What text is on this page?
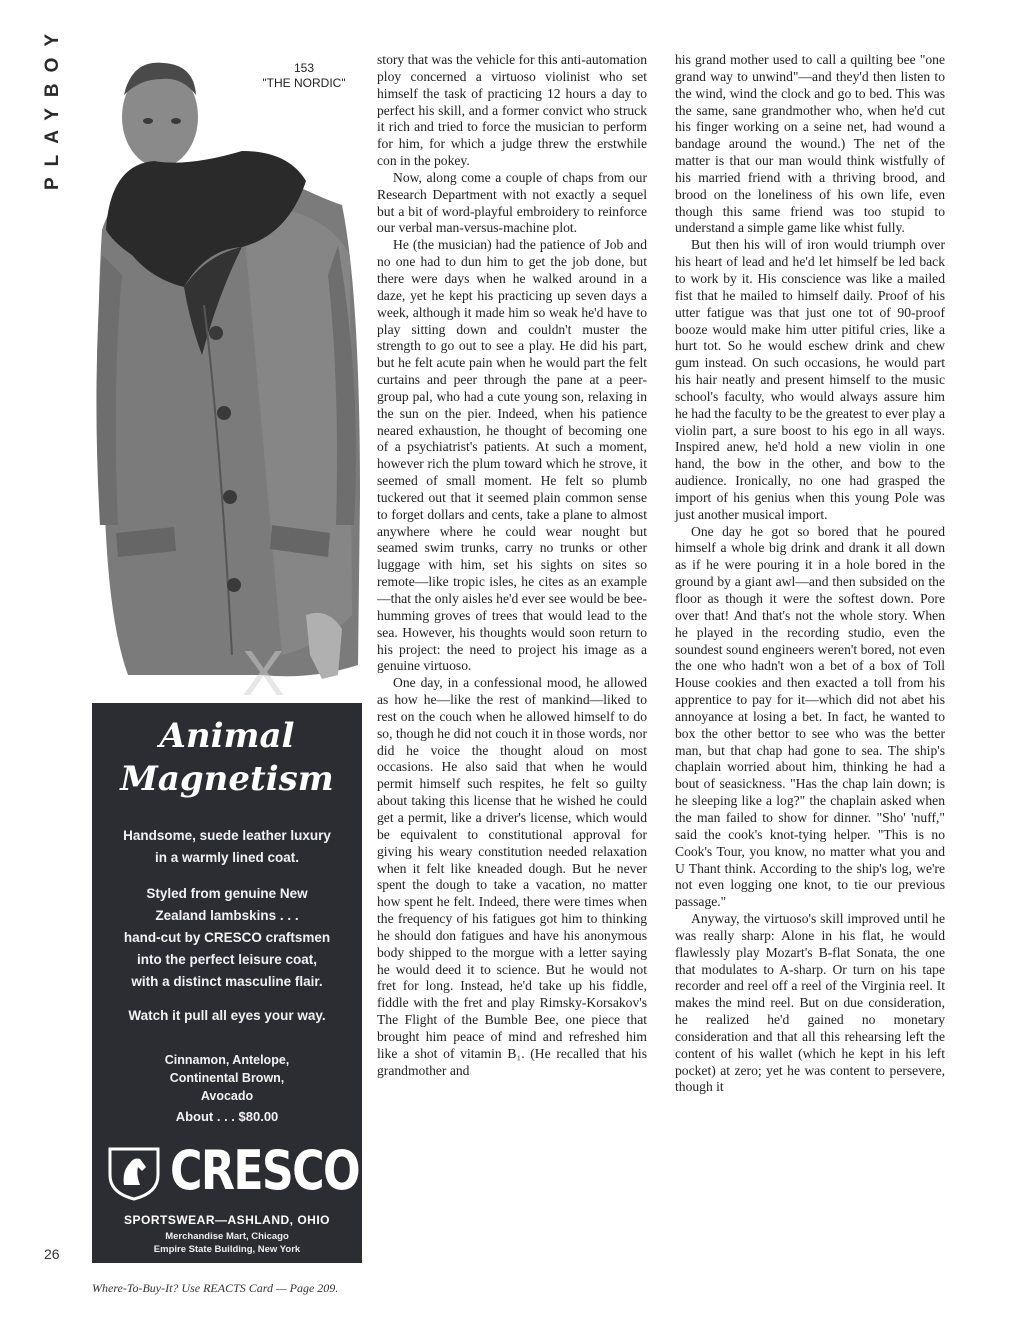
PLAYBOY
26
X
153
"THE NORDIC"
Animal
Magnetism
Handsome, suede leather luxury
in a warmly lined coat.
Styled from genuine New
Zealand lambskins . . .
hand-cut by CRESCO craftsmen
into the perfect leisure coat,
with a distinct masculine flair.
Watch it pull all eyes your way.
Cinnamon, Antelope,
Continental Brown,
Avocado
About . . . $80.00
CRESCO
SPORTSWEAR—ASHLAND, OHIO
Merchandise Mart, Chicago
Empire State Building, New York

story that was the vehicle for this anti-automation ploy concerned a virtuoso violinist who set himself the task of practicing 12 hours a day to perfect his skill, and a former convict who struck it rich and tried to force the musician to perform for him, for which a judge threw the erstwhile con in the pokey.

Now, along come a couple of chaps from our Research Department with not exactly a sequel but a bit of word-playful embroidery to reinforce our verbal man-versus-machine plot.

He (the musician) had the patience of Job and no one had to dun him to get the job done, but there were days when he walked around in a daze, yet he kept his practicing up seven days a week, although it made him so weak he'd have to play sitting down and couldn't muster the strength to go out to see a play. He did his part, but he felt acute pain when he would part the felt curtains and peer through the pane at a peer-group pal, who had a cute young son, relaxing in the sun on the pier. Indeed, when his patience neared exhaustion, he thought of becoming one of a psychiatrist's patients. At such a moment, however rich the plum toward which he strove, it seemed of small moment. He felt so plumb tuckered out that it seemed plain common sense to forget dollars and cents, take a plane to almost anywhere where he could wear nought but seamed swim trunks, carry no trunks or other luggage with him, set his sights on sites so remote—like tropic isles, he cites as an example—that the only aisles he'd ever see would be bee-humming groves of trees that would lead to the sea. However, his thoughts would soon return to his project: the need to project his image as a genuine virtuoso.

One day, in a confessional mood, he allowed as how he—like the rest of mankind—liked to rest on the couch when he allowed himself to do so, though he did not couch it in those words, nor did he voice the thought aloud on most occasions. He also said that when he would permit himself such respites, he felt so guilty about taking this license that he wished he could get a permit, like a driver's license, which would be equivalent to constitutional approval for giving his weary constitution needed relaxation when it felt like kneaded dough. But he never spent the dough to take a vacation, no matter how spent he felt. Indeed, there were times when the frequency of his fatigues got him to thinking he should don fatigues and have his anonymous body shipped to the morgue with a letter saying he would deed it to science. But he would not fret for long. Instead, he'd take up his fiddle, fiddle with the fret and play Rimsky-Korsakov's The Flight of the Bumble Bee, one piece that brought him peace of mind and refreshed him like a shot of vitamin B₁. (He recalled that his grandmother and

his grand mother used to call a quilting bee "one grand way to unwind"—and they'd then listen to the wind, wind the clock and go to bed. This was the same, sane grandmother who, when he'd cut his finger working on a seine net, had wound a bandage around the wound.) The net of the matter is that our man would think wistfully of his married friend with a thriving brood, and brood on the loneliness of his own life, even though this same friend was too stupid to understand a simple game like whist fully.

But then his will of iron would triumph over his heart of lead and he'd let himself be led back to work by it. His conscience was like a mailed fist that he mailed to himself daily. Proof of his utter fatigue was that just one tot of 90-proof booze would make him utter pitiful cries, like a hurt tot. So he would eschew drink and chew gum instead. On such occasions, he would part his hair neatly and present himself to the music school's faculty, who would always assure him he had the faculty to be the greatest to ever play a violin part, a sure boost to his ego in all ways. Inspired anew, he'd hold a new violin in one hand, the bow in the other, and bow to the audience. Ironically, no one had grasped the import of his genius when this young Pole was just another musical import.

One day he got so bored that he poured himself a whole big drink and drank it all down as if he were pouring it in a hole bored in the ground by a giant awl—and then subsided on the floor as though it were the softest down. Pore over that! And that's not the whole story. When he played in the recording studio, even the soundest sound engineers weren't bored, not even the one who hadn't won a bet of a box of Toll House cookies and then exacted a toll from his apprentice to pay for it—which did not abet his annoyance at losing a bet. In fact, he wanted to box the other bettor to see who was the better man, but that chap had gone to sea. The ship's chaplain worried about him, thinking he had a bout of seasickness. "Has the chap lain down; is he sleeping like a log?" the chaplain asked when the man failed to show for dinner. "Sho' 'nuff," said the cook's knot-tying helper. "This is no Cook's Tour, you know, no matter what you and U Thant think. According to the ship's log, we're not even logging one knot, to tie our previous passage."

Anyway, the virtuoso's skill improved until he was really sharp: Alone in his flat, he would flawlessly play Mozart's B-flat Sonata, the one that modulates to A-sharp. Or turn on his tape recorder and reel off a reel of the Virginia reel. It makes the mind reel. But on due consideration, he realized he'd gained no monetary consideration and that all this rehearsing left the content of his wallet (which he kept in his left pocket) at zero; yet he was content to persevere, though it

Where-To-Buy-It? Use REACTS Card — Page 209.
